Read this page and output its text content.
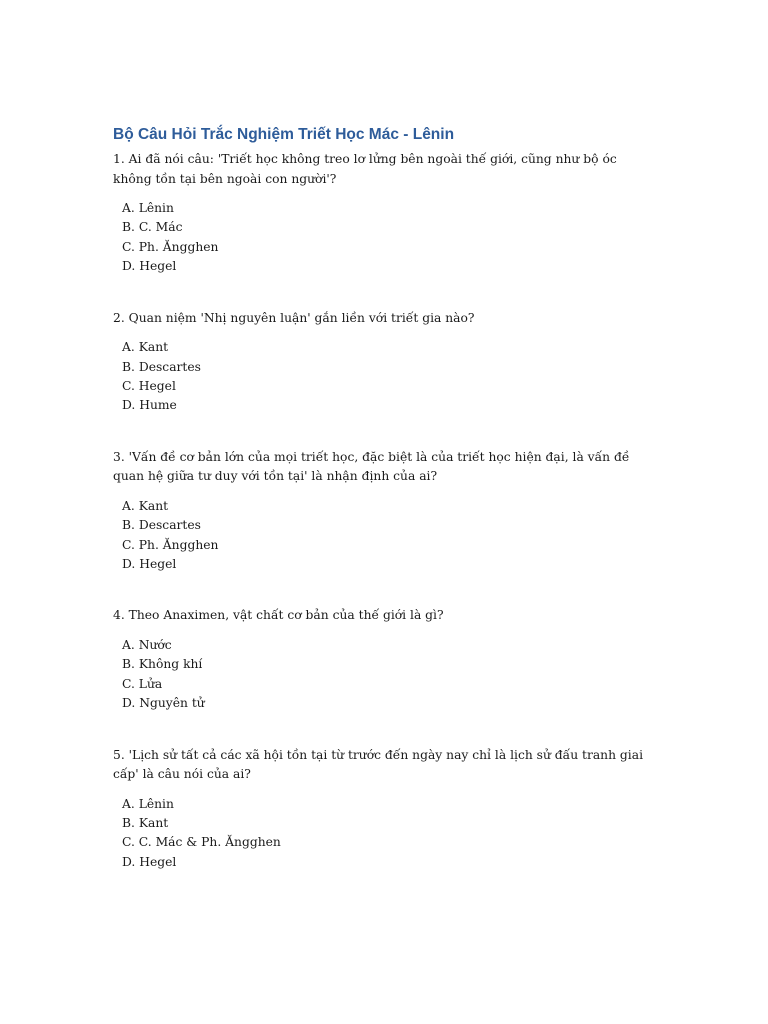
Bộ Câu Hỏi Trắc Nghiệm Triết Học Mác - Lênin

1. Ai đã nói câu: 'Triết học không treo lơ lửng bên ngoài thế giới, cũng như bộ óc không tồn tại bên ngoài con người'?

A. Lênin
B. C. Mác
C. Ph. Ăngghen
D. Hegel

2. Quan niệm 'Nhị nguyên luận' gắn liền với triết gia nào?

A. Kant
B. Descartes
C. Hegel
D. Hume

3. 'Vấn đề cơ bản lớn của mọi triết học, đặc biệt là của triết học hiện đại, là vấn đề quan hệ giữa tư duy với tồn tại' là nhận định của ai?

A. Kant
B. Descartes
C. Ph. Ăngghen
D. Hegel

4. Theo Anaximen, vật chất cơ bản của thế giới là gì?

A. Nước
B. Không khí
C. Lửa
D. Nguyên tử

5. 'Lịch sử tất cả các xã hội tồn tại từ trước đến ngày nay chỉ là lịch sử đấu tranh giai cấp' là câu nói của ai?

A. Lênin
B. Kant
C. C. Mác & Ph. Ăngghen
D. Hegel
